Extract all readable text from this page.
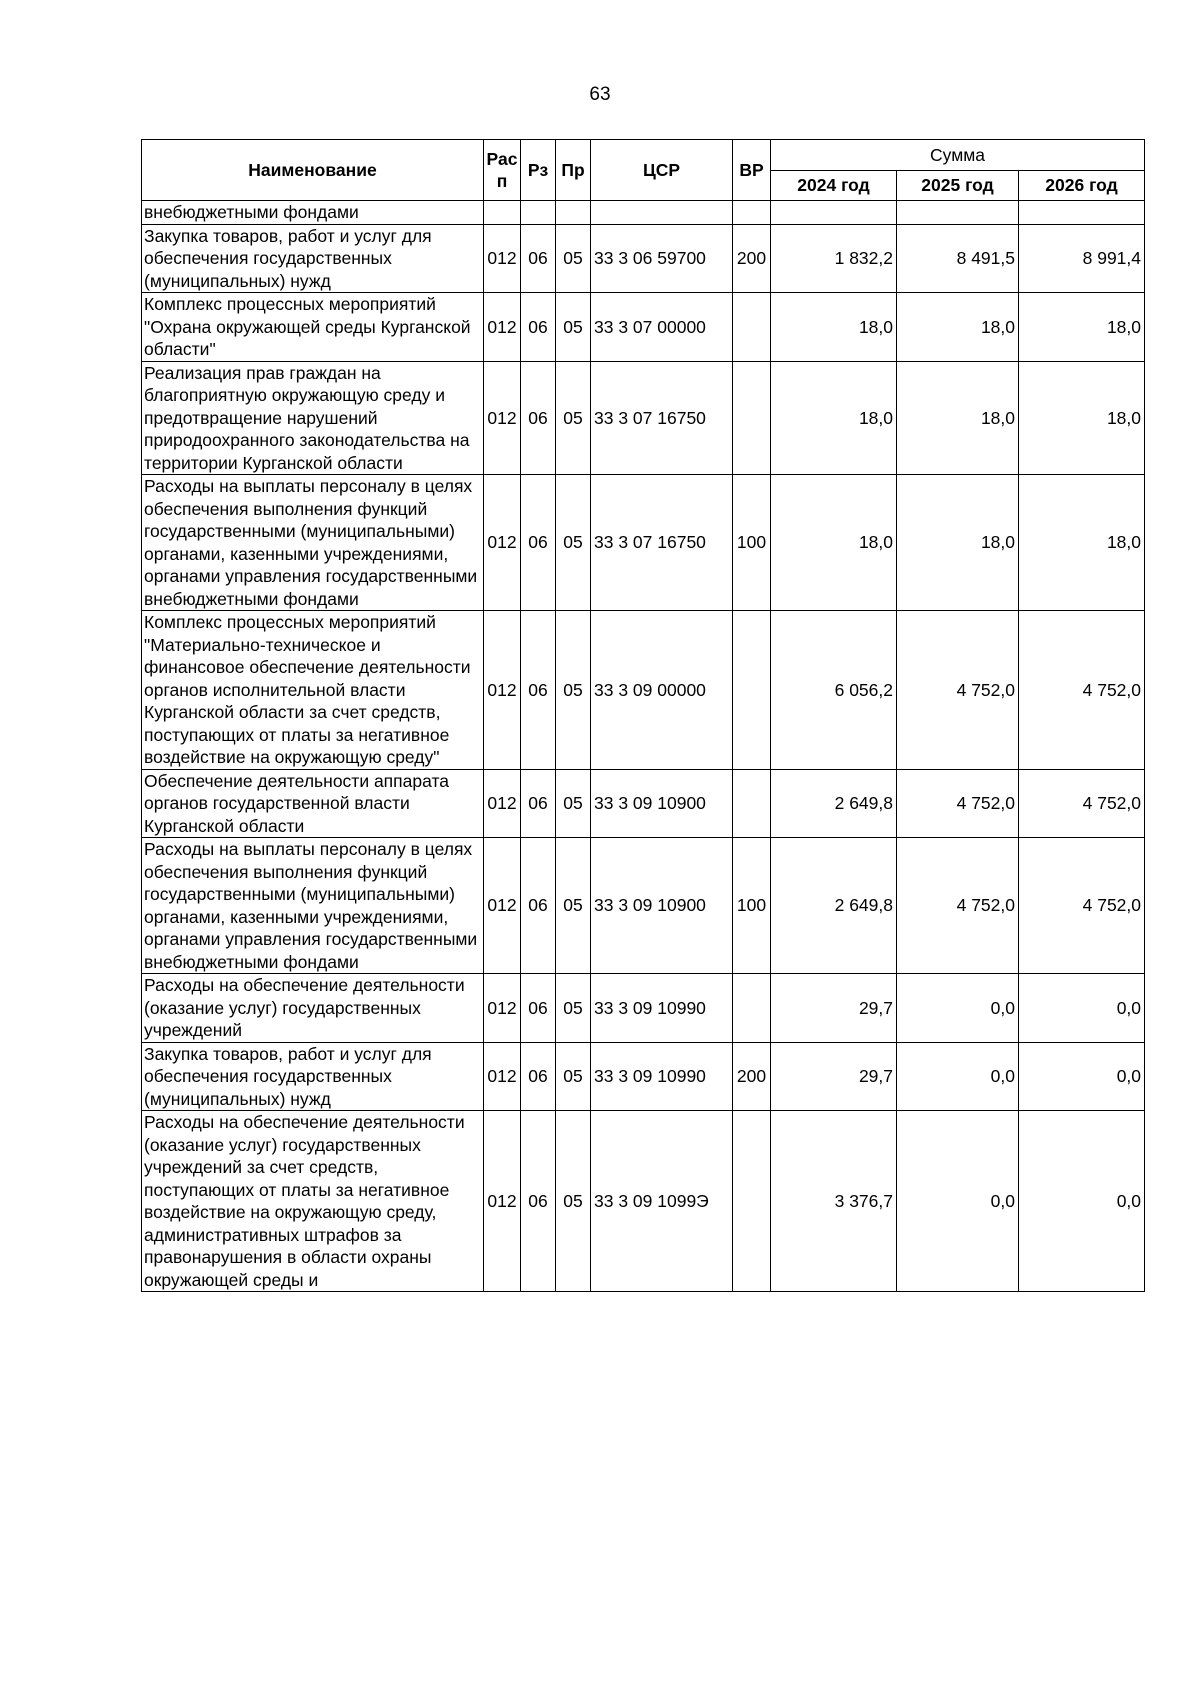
63
Наименование	Рас п	Рз	Пр	ЦСР	ВР	Сумма		
						2024 год	2025 год	2026 год
внебюджетными фондами								
Закупка товаров, работ и услуг для обеспечения государственных (муниципальных) нужд	012	06	05	33 3 06 59700	200	1 832,2	8 491,5	8 991,4
Комплекс процессных мероприятий "Охрана окружающей среды Курганской области"	012	06	05	33 3 07 00000		18,0	18,0	18,0
Реализация прав граждан на благоприятную окружающую среду и предотвращение нарушений природоохранного законодательства на территории Курганской области	012	06	05	33 3 07 16750		18,0	18,0	18,0
Расходы на выплаты персоналу в целях обеспечения выполнения функций государственными (муниципальными) органами, казенными учреждениями, органами управления государственными внебюджетными фондами	012	06	05	33 3 07 16750	100	18,0	18,0	18,0
Комплекс процессных мероприятий "Материально-техническое и финансовое обеспечение деятельности органов исполнительной власти Курганской области за счет средств, поступающих от платы за негативное воздействие на окружающую среду"	012	06	05	33 3 09 00000		6 056,2	4 752,0	4 752,0
Обеспечение деятельности аппарата органов государственной власти Курганской области	012	06	05	33 3 09 10900		2 649,8	4 752,0	4 752,0
Расходы на выплаты персоналу в целях обеспечения выполнения функций государственными (муниципальными) органами, казенными учреждениями, органами управления государственными внебюджетными фондами	012	06	05	33 3 09 10900	100	2 649,8	4 752,0	4 752,0
Расходы на обеспечение деятельности (оказание услуг) государственных учреждений	012	06	05	33 3 09 10990		29,7	0,0	0,0
Закупка товаров, работ и услуг для обеспечения государственных (муниципальных) нужд	012	06	05	33 3 09 10990	200	29,7	0,0	0,0
Расходы на обеспечение деятельности (оказание услуг) государственных учреждений за счет средств, поступающих от платы за негативное воздействие на окружающую среду, административных штрафов за правонарушения в области охраны окружающей среды и	012	06	05	33 3 09 1099Э		3 376,7	0,0	0,0
